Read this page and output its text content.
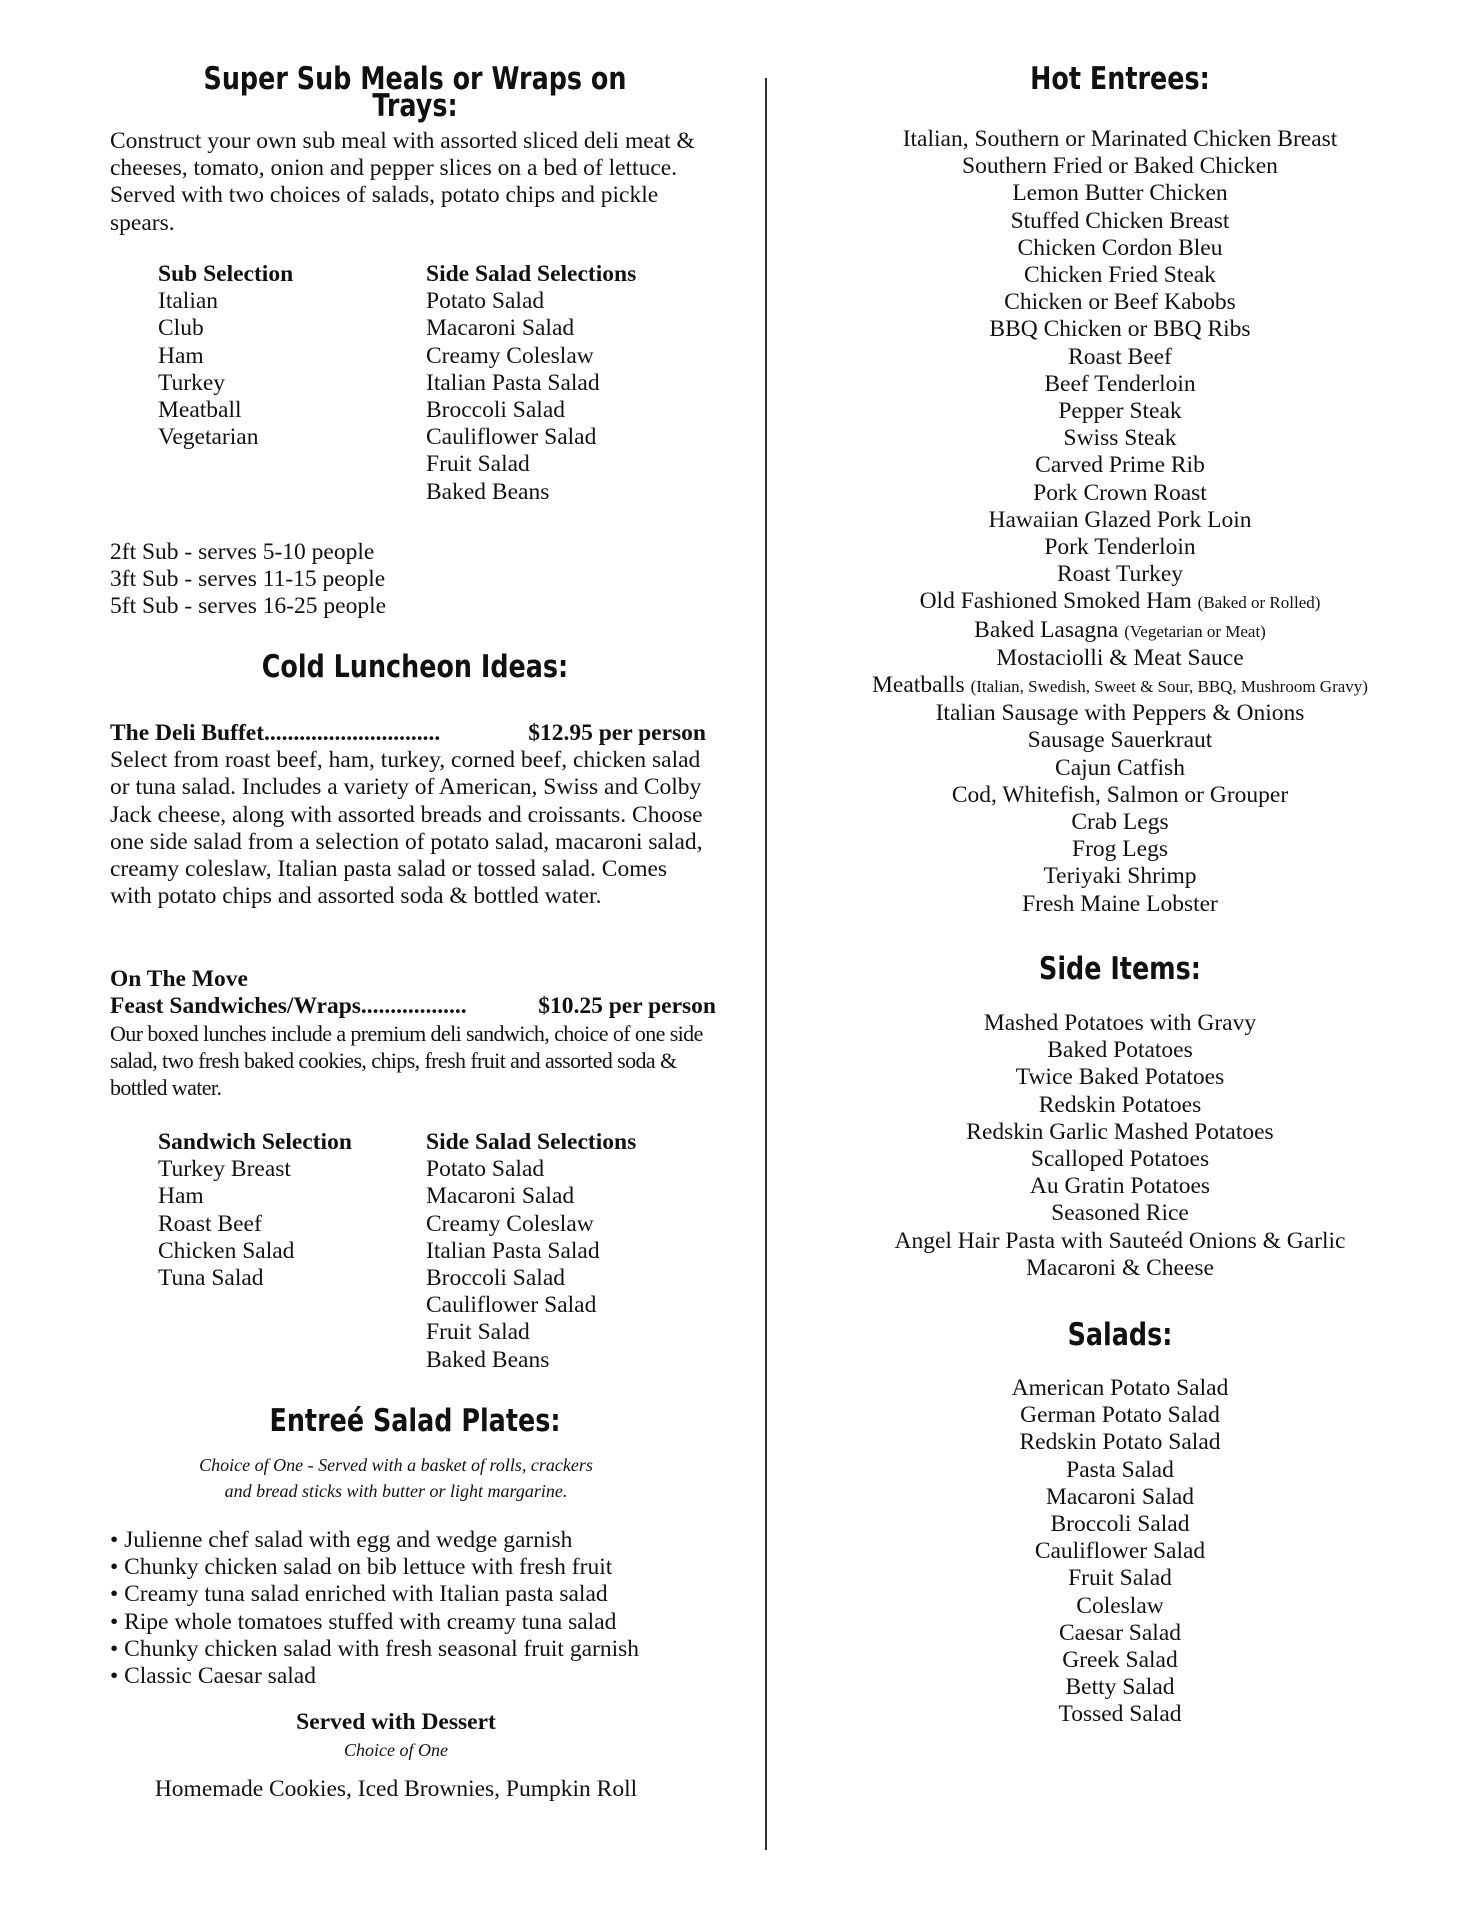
Super Sub Meals or Wraps on Trays:

Construct your own sub meal with assorted sliced deli meat & cheeses, tomato, onion and pepper slices on a bed of lettuce. Served with two choices of salads, potato chips and pickle spears.

Sub Selection
Italian
Club
Ham
Turkey
Meatball
Vegetarian
Side Salad Selections
Potato Salad
Macaroni Salad
Creamy Coleslaw
Italian Pasta Salad
Broccoli Salad
Cauliflower Salad
Fruit Salad
Baked Beans
2ft Sub - serves 5-10 people
3ft Sub - serves 11-15 people
5ft Sub - serves 16-25 people
Cold Luncheon Ideas:
The Deli Buffet..............................	$12.95 per person

Select from roast beef, ham, turkey, corned beef, chicken salad or tuna salad. Includes a variety of American, Swiss and Colby Jack cheese, along with assorted breads and croissants. Choose one side salad from a selection of potato salad, macaroni salad, creamy coleslaw, Italian pasta salad or tossed salad. Comes with potato chips and assorted soda & bottled water.

On The Move
Feast Sandwiches/Wraps..................	$10.25 per person

Our boxed lunches include a premium deli sandwich, choice of one side salad, two fresh baked cookies, chips, fresh fruit and assorted soda & bottled water.

Sandwich Selection
Turkey Breast
Ham
Roast Beef
Chicken Salad
Tuna Salad
Side Salad Selections
Potato Salad
Macaroni Salad
Creamy Coleslaw
Italian Pasta Salad
Broccoli Salad
Cauliflower Salad
Fruit Salad
Baked Beans
Entreé Salad Plates:
Choice of One - Served with a basket of rolls, crackers
and bread sticks with butter or light margarine.
• Julienne chef salad with egg and wedge garnish
• Chunky chicken salad on bib lettuce with fresh fruit
• Creamy tuna salad enriched with Italian pasta salad
• Ripe whole tomatoes stuffed with creamy tuna salad
• Chunky chicken salad with fresh seasonal fruit garnish
• Classic Caesar salad
Served with Dessert
Choice of One
Homemade Cookies, Iced Brownies, Pumpkin Roll
Hot Entrees:
Italian, Southern or Marinated Chicken Breast
Southern Fried or Baked Chicken
Lemon Butter Chicken
Stuffed Chicken Breast
Chicken Cordon Bleu
Chicken Fried Steak
Chicken or Beef Kabobs
BBQ Chicken or BBQ Ribs
Roast Beef
Beef Tenderloin
Pepper Steak
Swiss Steak
Carved Prime Rib
Pork Crown Roast
Hawaiian Glazed Pork Loin
Pork Tenderloin
Roast Turkey
Old Fashioned Smoked Ham (Baked or Rolled)
Baked Lasagna (Vegetarian or Meat)
Mostaciolli & Meat Sauce
Meatballs (Italian, Swedish, Sweet & Sour, BBQ, Mushroom Gravy)
Italian Sausage with Peppers & Onions
Sausage Sauerkraut
Cajun Catfish
Cod, Whitefish, Salmon or Grouper
Crab Legs
Frog Legs
Teriyaki Shrimp
Fresh Maine Lobster
Side Items:
Mashed Potatoes with Gravy
Baked Potatoes
Twice Baked Potatoes
Redskin Potatoes
Redskin Garlic Mashed Potatoes
Scalloped Potatoes
Au Gratin Potatoes
Seasoned Rice
Angel Hair Pasta with Sauteéd Onions & Garlic
Macaroni & Cheese
Salads:
American Potato Salad
German Potato Salad
Redskin Potato Salad
Pasta Salad
Macaroni Salad
Broccoli Salad
Cauliflower Salad
Fruit Salad
Coleslaw
Caesar Salad
Greek Salad
Betty Salad
Tossed Salad
